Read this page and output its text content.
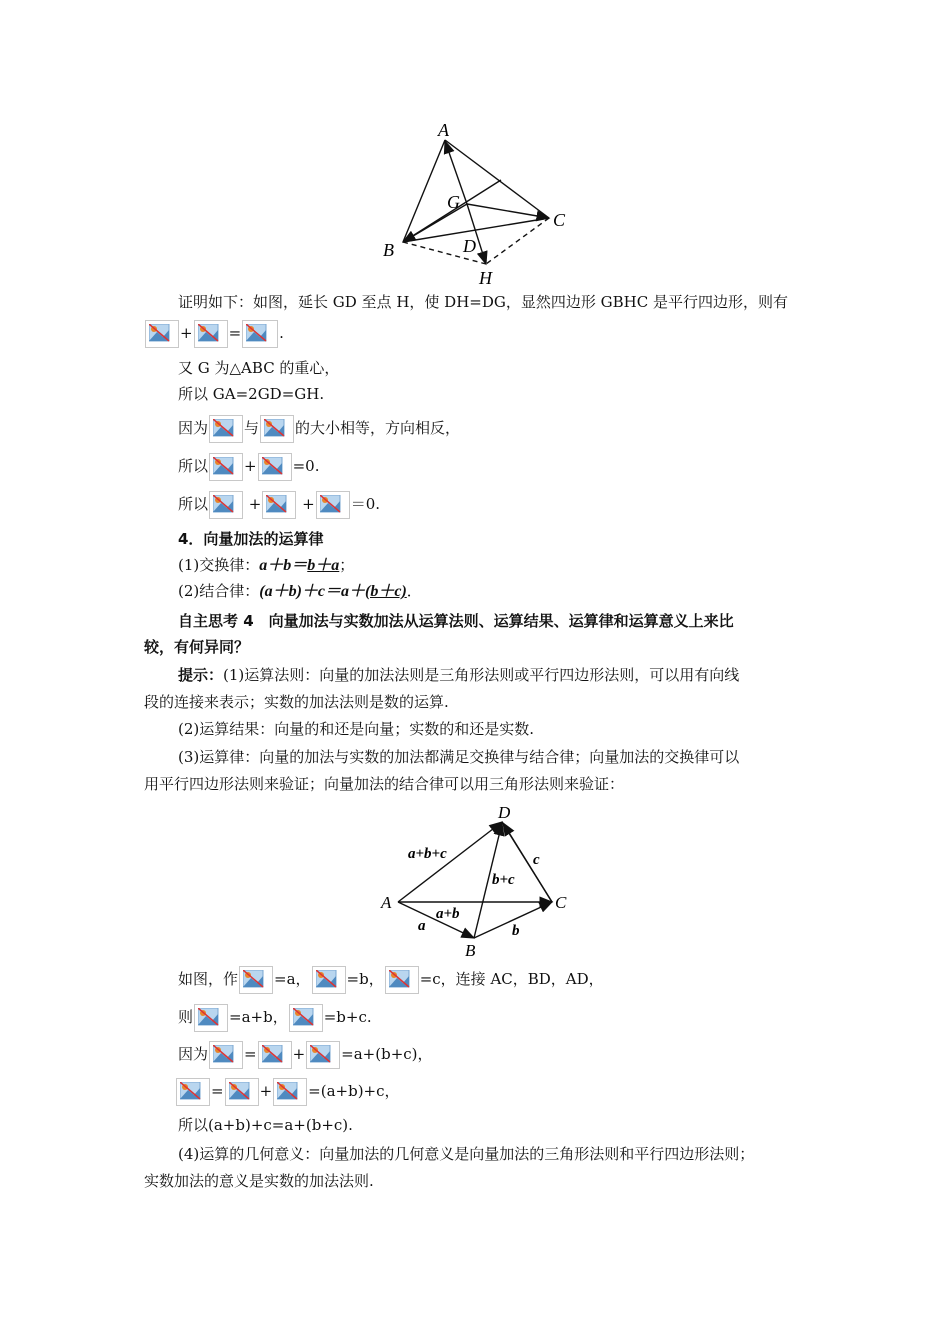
A
G
C
B	D
H
证明如下：如图，延长 GD 至点 H，使 DH=DG，显然四边形 GBHC 是平行四边形，则有
+ =	.
又 G 为△ABC 的重心，
所以 GA=2GD=GH.
因为 与 的大小相等，方向相反，
所以 + =0.
所以	+	+ ＝0.
4．向量加法的运算律
(1)交换律：a＋b＝b＋a；
(2)结合律：(a＋b)＋c＝a＋(b＋c)．
自主思考 4　向量加法与实数加法从运算法则、运算结果、运算律和运算意义上来比
较，有何异同？
提示：(1)运算法则：向量的加法法则是三角形法则或平行四边形法则，可以用有向线
段的连接来表示；实数的加法法则是数的运算.
(2)运算结果：向量的和还是向量；实数的和还是实数.
(3)运算律：向量的加法与实数的加法都满足交换律与结合律；向量加法的交换律可以
用平行四边形法则来验证；向量加法的结合律可以用三角形法则来验证：
D
a+b+c	c
b+c
A	C
a+b
a	b
B
如图，作 =a， =b， =c，连接 AC，BD，AD，
则 =a+b， =b+c.
因为 = + =a+(b+c)，
= + =(a+b)+c，
所以(a+b)+c=a+(b+c).
(4)运算的几何意义：向量加法的几何意义是向量加法的三角形法则和平行四边形法则；
实数加法的意义是实数的加法法则.
